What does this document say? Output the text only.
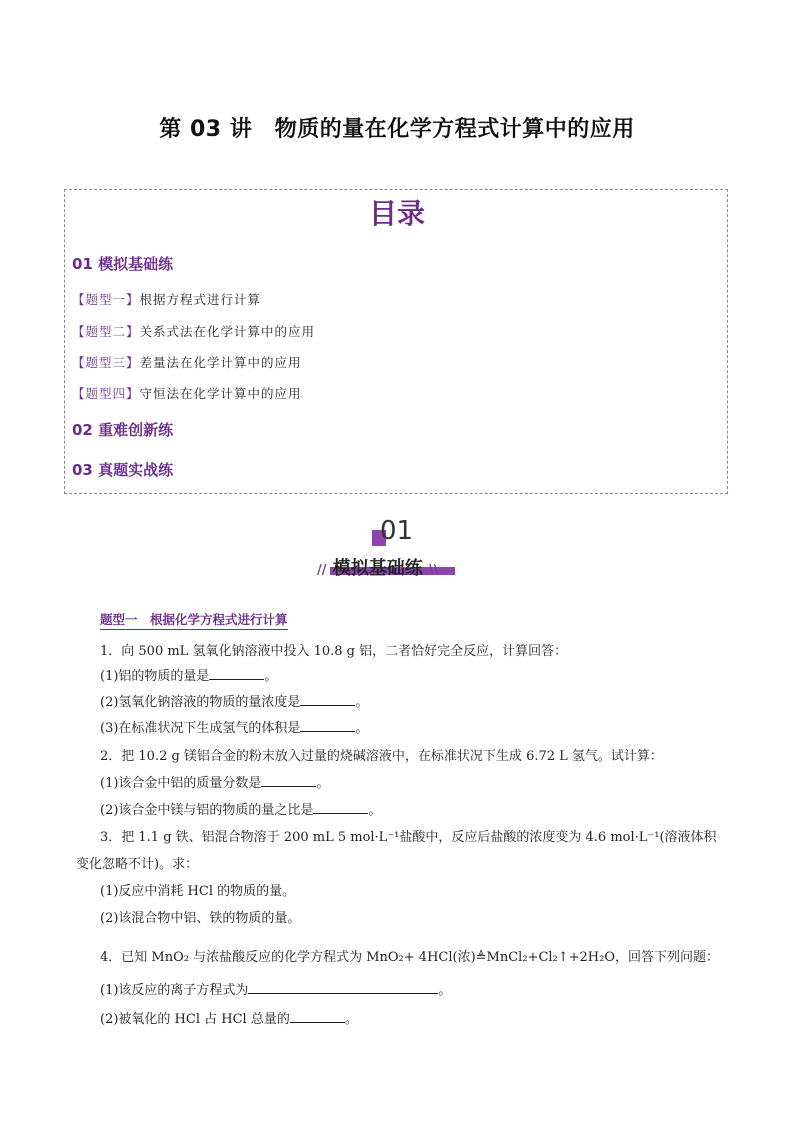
第 03 讲　物质的量在化学方程式计算中的应用
目录
01 模拟基础练
【题型一】根据方程式进行计算
【题型二】关系式法在化学计算中的应用
【题型三】差量法在化学计算中的应用
【题型四】守恒法在化学计算中的应用
02 重难创新练
03 真题实战练
01
// 模拟基础练 \\
题型一　根据化学方程式进行计算
1．向 500 mL 氢氧化钠溶液中投入 10.8 g 铝，二者恰好完全反应，计算回答：
(1)铝的物质的量是	。
(2)氢氧化钠溶液的物质的量浓度是	。
(3)在标准状况下生成氢气的体积是	。
2．把 10.2 g 镁铝合金的粉末放入过量的烧碱溶液中，在标准状况下生成 6.72 L 氢气。试计算：
(1)该合金中铝的质量分数是	。
(2)该合金中镁与铝的物质的量之比是	。
3．把 1.1 g 铁、铝混合物溶于 200 mL 5 mol·L⁻¹盐酸中，反应后盐酸的浓度变为 4.6 mol·L⁻¹(溶液体积
变化忽略不计)。求：
(1)反应中消耗 HCl 的物质的量。
(2)该混合物中铝、铁的物质的量。
4．已知 MnO₂ 与浓盐酸反应的化学方程式为 MnO₂+ 4HCl(浓)≜MnCl₂+Cl₂↑+2H₂O，回答下列问题：
(1)该反应的离子方程式为	。
(2)被氧化的 HCl 占 HCl 总量的	。
